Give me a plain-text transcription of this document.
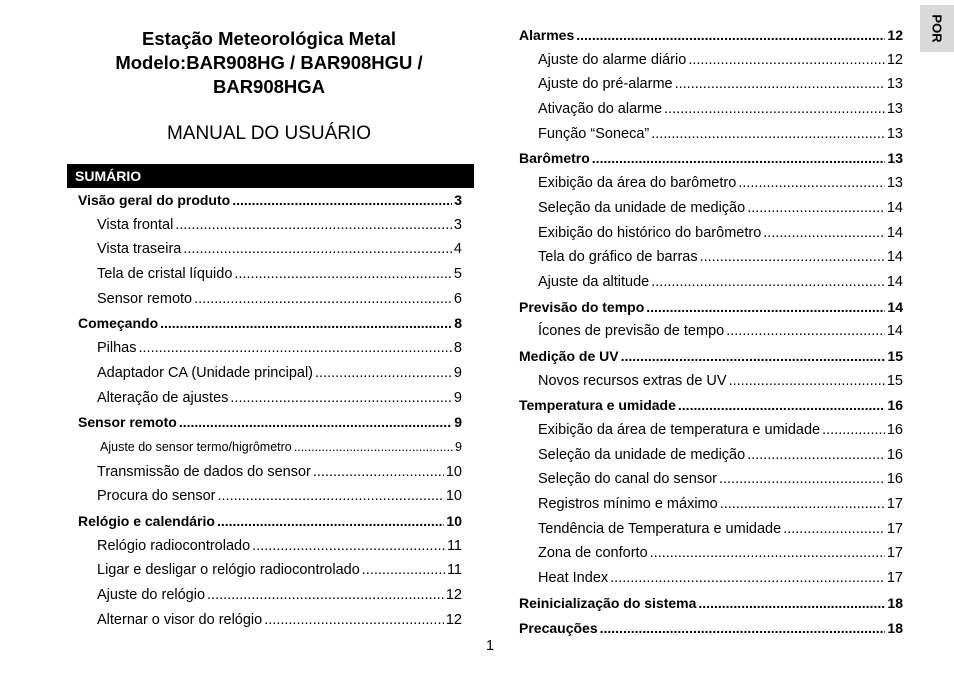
Estação Meteorológica Metal
Modelo:BAR908HG / BAR908HGU /
BAR908HGA
MANUAL DO USUÁRIO
SUMÁRIO
Visão geral do produto .....	3
Vista frontal .....	3
Vista traseira .....	4
Tela de cristal líquido .....	5
Sensor remoto .....	6
Começando .....	8
Pilhas .....	8
Adaptador CA (Unidade principal) .....	9
Alteração de ajustes .....	9
Sensor remoto .....	9
Ajuste do sensor termo/higrômetro .....	9
Transmissão de dados do sensor .....	10
Procura do sensor .....	10
Relógio e calendário .....	10
Relógio radiocontrolado .....	11
Ligar e desligar o relógio radiocontrolado .....	11
Ajuste do relógio .....	12
Alternar o visor do relógio .....	12
Alarmes .....	12
Ajuste do alarme diário .....	12
Ajuste do pré-alarme .....	13
Ativação do alarme .....	13
Função “Soneca” .....	13
Barômetro .....	13
Exibição da área do barômetro .....	13
Seleção da unidade de medição .....	14
Exibição do histórico do barômetro .....	14
Tela do gráfico de barras .....	14
Ajuste da altitude .....	14
Previsão do tempo .....	14
Ícones de previsão de tempo .....	14
Medição de UV .....	15
Novos recursos extras de UV .....	15
Temperatura e umidade .....	16
Exibição da área de temperatura e umidade .....	16
Seleção da unidade de medição .....	16
Seleção do canal do sensor .....	16
Registros mínimo e máximo .....	17
Tendência de Temperatura e umidade .....	17
Zona de conforto .....	17
Heat Index .....	17
Reinicialização do sistema .....	18
Precauções .....	18
POR
1
